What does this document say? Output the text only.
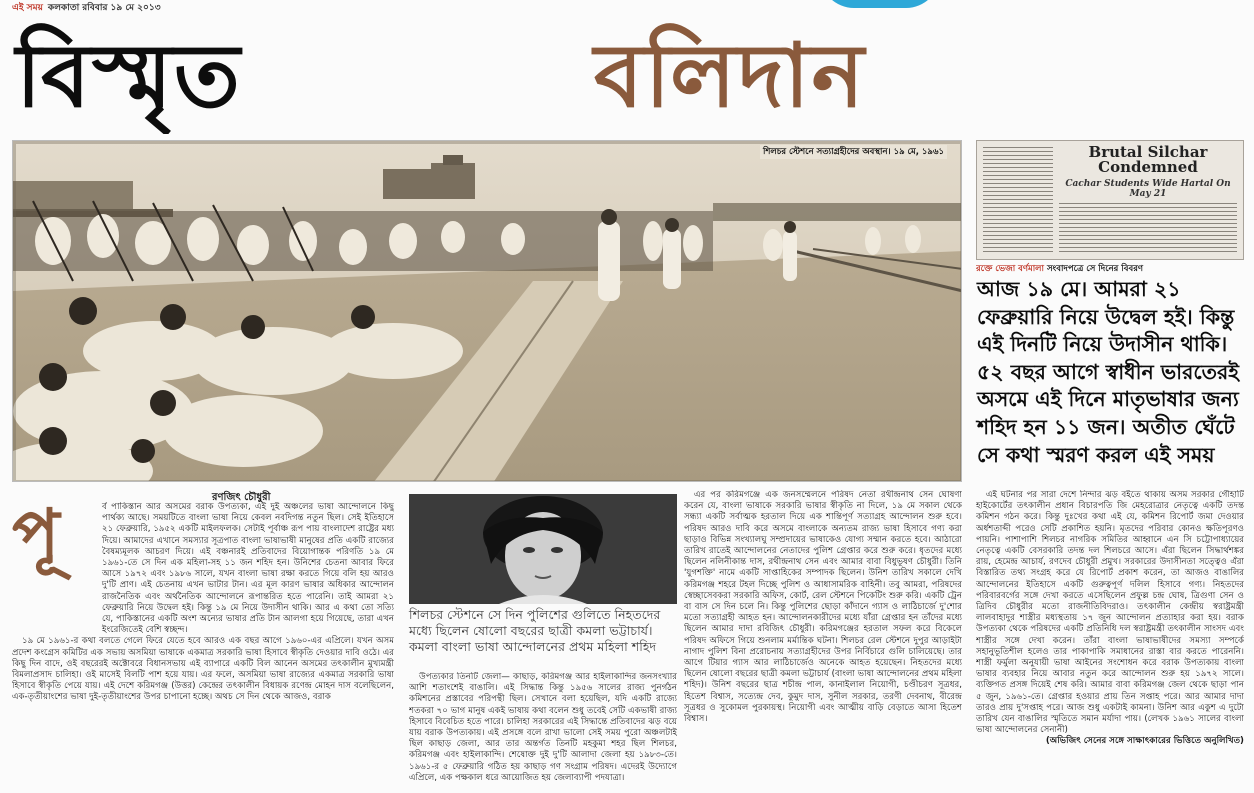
এই সময় কলকাতা রবিবার ১৯ মে ২০১৩
বিস্মৃত	বলিদান
শিলচর স্টেশনে সত্যাগ্রহীদের অবস্থান। ১৯ মে, ১৯৬১	Brutal Silchar Condemned
Cachar Students Wide Hartal On May 21
রক্তে ভেজা বর্ণমালা সংবাদপত্রে সে দিনের বিবরণ
আজ ১৯ মে। আমরা ২১ ফেব্রুয়ারি নিয়ে উদ্বেল হই। কিন্তু এই দিনটি নিয়ে উদাসীন থাকি। ৫২ বছর আগে স্বাধীন ভারতেরই অসমে এই দিনে মাতৃভাষার জন্য শহিদ হন ১১ জন। অতীত ঘেঁটে সে কথা স্মরণ করল এই সময়
রণজিৎ চৌধুরী
পূ	র্ব পাকিস্তান আর অসমের বরাক উপত্যকা, এই দুই অঞ্চলের ভাষা আন্দোলনে কিছু পার্থক্য আছে। সময়টিতে বাংলা ভাষা নিয়ে কেবল নবদিগন্ত নতুন ছিল। সেই ইতিহাসে ২১ ফেব্রুয়ারি, ১৯৫২ একটি মাইলফলক। সেটাই পূর্বাঞ্চ রূপ পায় বাংলাদেশ রাষ্ট্রের মধ্য দিয়ে। আমাদের এখানে সমস্যার সূত্রপাত বাংলা ভাষাভাষী মানুষের প্রতি একটি রাজ্যের বৈষম্যমূলক আচরণ দিয়ে। এই বঞ্চনারই প্রতিবাদের বিয়োগান্তক পরিণতি ১৯ মে ১৯৬১-তে সে দিন এক মহিলা-সহ ১১ জন শহিদ হন। উনিশের চেতনা আবার ফিরে আসে ১৯৭২ এবং ১৯৮৬ সালে, যখন বাংলা ভাষা রক্ষা করতে গিয়ে বলি হয় আরও দু'টি প্রাণ। এই চেতনায় এখন ভাটার টান। এর মূল কারণ ভাষার অধিকার আন্দোলন রাজনৈতিক এবং অর্থনৈতিক আন্দোলনে রূপান্তরিত হতে পারেনি। তাই আমরা ২১ ফেব্রুয়ারি নিয়ে উদ্বেল হই। কিন্তু ১৯ মে নিয়ে উদাসীন থাকি। আর এ কথা তো সত্যি যে, পাকিস্তানের একটি অংশ অন্যের ভাষার প্রতি টান আলগা হয়ে গিয়েছে, তারা এখন ইংরেজিতেই বেশি স্বচ্ছন্দ।

১৯ মে ১৯৬১-র কথা বলতে গেলে ফিরে যেতে হবে আরও এক বছর আগে ১৯৬০-এর এপ্রিলে। যখন অসম প্রদেশ কংগ্রেস কমিটির এক সভায় অসমিয়া ভাষাকে একমাত্র সরকারি ভাষা হিসাবে স্বীকৃতি দেওয়ার দাবি ওঠে। এর কিছু দিন বাদে, ওই বছরেরই অক্টোবরে বিধানসভায় এই ব্যাপারে একটি বিল আনেন অসমের তৎকালীন মুখ্যমন্ত্রী বিমলাপ্রসাদ চালিহা। ওই মাসেই বিলটি পাশ হয়ে যায়। এর ফলে, অসমিয়া ভাষা রাজ্যের একমাত্র সরকারি ভাষা হিসাবে স্বীকৃতি পেয়ে যায়। এই দেশে করিমগঞ্জ (উত্তর) কেন্দ্রের তৎকালীন বিধায়ক রণেন্দ্র মোহন দাস বলেছিলেন, এক-তৃতীয়াংশের ভাষা দুই-তৃতীয়াংশের উপর চাপানো হচ্ছে। অথচ সে দিন থেকে আজও, বরাক

শিলচর স্টেশনে সে দিন পুলিশের গুলিতে নিহতদের মধ্যে ছিলেন ষোলো বছরের ছাত্রী কমলা ভট্টাচার্য। কমলা বাংলা ভাষা আন্দোলনের প্রথম মহিলা শহিদ

উপত্যকার তিনটি জেলা— কাছাড়, করিমগঞ্জ আর হাইলাকান্দির জনসংখ্যার আশি শতাংশেই বাঙালি। এই সিদ্ধান্ত কিন্তু ১৯৫৬ সালের রাজ্য পুনর্গঠন কমিশনের প্রস্তাবের পরিপন্থী ছিল। সেখানে বলা হয়েছিল, যদি একটি রাজ্যে শতকরা ৭০ ভাগ মানুষ একই ভাষায় কথা বলেন শুধু তবেই সেটি একভাষী রাজ্য হিসাবে বিবেচিত হতে পারে। চালিহা সরকারের এই সিদ্ধান্তে প্রতিবাদের ঝড় বয়ে যায় বরাক উপত্যকায়। এই প্রসঙ্গে বলে রাখা ভালো সেই সময় পুরো অঞ্চলটাই ছিল কাছাড় জেলা, আর তার অন্তর্গত তিনটি মহকুমা শহর ছিল শিলচর, করিমগঞ্জ এবং হাইলাকান্দি। শেষোক্ত দুই দু'টি আলাদা জেলা হয় ১৯৮৩-তে। ১৯৬১-র ৫ ফেব্রুয়ারি গঠিত হয় কাছাড় গণ সংগ্রাম পরিষদ। এদেরই উদ্যোগে এপ্রিলে, এক পক্ষকাল ধরে আয়োজিত হয় জেলাব্যাপী পদযাত্রা।

এর পর করিমগঞ্জে এক জনসম্মেলনে পরিষদ নেতা রথীন্দ্রনাথ সেন ঘোষণা করেন যে, বাংলা ভাষাকে সরকারি ভাষার স্বীকৃতি না দিলে, ১৯ মে সকাল থেকে সন্ধ্যা একটি সর্বাত্মক হরতাল দিয়ে এক শান্তিপূর্ণ সত্যাগ্রহ আন্দোলন শুরু হবে। পরিষদ আরও দাবি করে অসমে বাংলাকে অন্যতম রাজ্য ভাষা হিসাবে গণ্য করা ছাড়াও বিভিন্ন সংখ্যালঘু সম্প্রদায়ের ভাষাকেও যোগ্য সম্মান করতে হবে। আঠারো তারিখ রাতেই আন্দোলনের নেতাদের পুলিশ গ্রেপ্তার করে শুরু করে। ধৃতদের মধ্যে ছিলেন নলিনীকান্ত দাস, রথীন্দ্রনাথ সেন এবং আমার বাবা বিধুভূষণ চৌধুরী। তিনি 'যুগশক্তি' নামে একটি সাপ্তাহিকের সম্পাদক ছিলেন। উনিশ তারিখ সকালে দেখি করিমগঞ্জ শহরে টহল দিচ্ছে পুলিশ ও আধাসামরিক বাহিনী। তবু আমরা, পরিষদের স্বেচ্ছাসেবকরা সরকারি অফিস, কোর্ট, রেল স্টেশনে পিকেটিং শুরু করি। একটি ট্রেন বা বাস সে দিন চলে নি। কিন্তু পুলিশের ছোড়া কাঁদানে গ্যাস ও লাঠিচার্জে দু'শোর মতো সত্যাগ্রহী আহত হন। আন্দোলনকারীদের মধ্যে যাঁরা গ্রেপ্তার হন তাঁদের মধ্যে ছিলেন আমার দাদা রবিজিৎ চৌধুরী। করিমগঞ্জের হরতাল সফল করে বিকেলে পরিষদ অফিসে গিয়ে শুনলাম মর্মান্তিক ঘটনা। শিলচর রেল স্টেশনে দুপুর আড়াইটা নাগাদ পুলিশ বিনা প্ররোচনায় সত্যাগ্রহীদের উপর নির্বিচারে গুলি চালিয়েছে। তার আগে টিয়ার গ্যাস আর লাঠিচার্জেও অনেকে আহত হয়েছেন। নিহতদের মধ্যে ছিলেন ষোলো বছরের ছাত্রী কমলা ভট্টাচার্য (বাংলা ভাষা আন্দোলনের প্রথম মহিলা শহিদ)। উনিশ বছরের ছাত্র শচীন্দ্র পাল, কানাইলাল নিয়োগী, চণ্ডীচরণ সূত্রধর, হিতেশ বিশ্বাস, সত্যেন্দ্র দেব, কুমুদ দাস, সুনীল সরকার, তরণী দেবনাথ, বীরেন্দ্র সূত্রধর ও সুকোমল পুরকায়স্থ। নিয়োগী এবং আত্মীয় বাড়ি বেড়াতে আসা হিতেশ বিশ্বাস।

এই ঘটনার পর সারা দেশে নিন্দার ঝড় বইতে থাকায় অসম সরকার গৌহাটি হাইকোর্টের তৎকালীন প্রধান বিচারপতি জি মেহরোত্রার নেতৃত্বে একটি তদন্ত কমিশন গঠন করে। কিন্তু দুঃখের কথা এই যে, কমিশন রিপোর্ট জমা দেওয়ার অর্ধশতাব্দী পরেও সেটি প্রকাশিত হয়নি। মৃতদের পরিবার কোনও ক্ষতিপূরণও পায়নি। পাশাপাশি শিলচর নাগরিক সমিতির আহ্বানে এন সি চট্টোপাধ্যায়ের নেতৃত্বে একটি বেসরকারি তদন্ত দল শিলচরে আসে। এঁরা ছিলেন সিদ্ধার্থশঙ্কর রায়, হেমেন্দ্র আচার্য, রণদেব চৌধুরী প্রমুখ। সরকারের উদাসীনতা সত্ত্বেও এঁরা বিস্তারিত তথ্য সংগ্রহ করে যে রিপোর্ট প্রকাশ করেন, তা আজও বাঙালির আন্দোলনের ইতিহাসে একটি গুরুত্বপূর্ণ দলিল হিসাবে গণ্য। নিহতদের পরিবারবর্গের সঙ্গে দেখা করতে এসেছিলেন প্রফুল্ল চন্দ্র ঘোষ, ত্রিগুণা সেন ও ত্রিদিব চৌধুরীর মতো রাজনীতিবিদরাও। তৎকালীন কেন্দ্রীয় স্বরাষ্ট্রমন্ত্রী লালবাহাদুর শাস্ত্রীর মধ্যস্থতায় ১৭ জুন আন্দোলন প্রত্যাহার করা হয়। বরাক উপত্যকা থেকে পরিষদের একটি প্রতিনিধি দল স্বরাষ্ট্রমন্ত্রী তৎকালীন সাংসদ এবং শাস্ত্রীর সঙ্গে দেখা করেন। তাঁরা বাংলা ভাষাভাষীদের সমস্যা সম্পর্কে সহানুভূতিশীল হলেও তার পাকাপাকি সমাধানের রাস্তা বার করতে পারেননি। শাস্ত্রী ফর্মুলা অনুযায়ী ভাষা আইনের সংশোধন করে বরাক উপত্যকায় বাংলা ভাষার ব্যবহার নিয়ে আবার নতুন করে আন্দোলন শুরু হয় ১৯৭২ সালে। ব্যক্তিগত প্রসঙ্গ দিয়েই শেষ করি। আমার বাবা করিমগঞ্জ জেল থেকে ছাড়া পান ৫ জুন, ১৯৬১-তে। গ্রেপ্তার হওয়ার প্রায় তিন সপ্তাহ পরে। আর আমার দাদা তারও প্রায় দু'সপ্তাহ পরে। আজ শুধু একটাই কামনা। উনিশ আর একুশ এ দুটো তারিখ যেন বাঙালির স্মৃতিতে সমান মর্যাদা পায়। (লেখক ১৯৬১ সালের বাংলা ভাষা আন্দোলনের সেনানী)

(অভিজিৎ সেনের সঙ্গে সাক্ষাৎকারের ভিত্তিতে অনুলিখিত)
